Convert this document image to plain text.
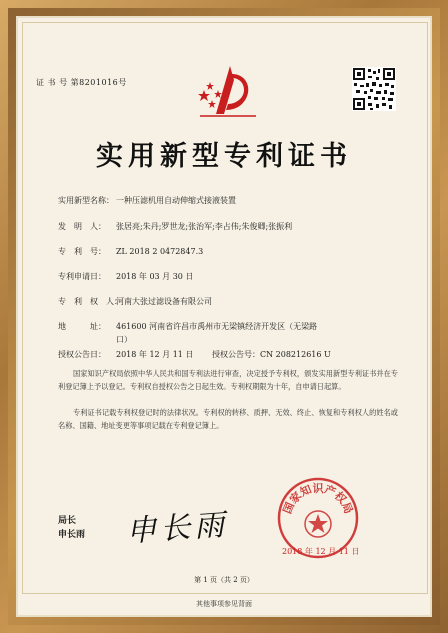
证 书 号 第8201016号
实用新型专利证书
实用新型名称： 一种压滤机用自动伸缩式接液装置
发　明　人： 张居亮;朱丹;罗世龙;张治军;李占伟;朱俊卿;张振利
专　利　号： ZL 2018 2 0472847.3
专利申请日： 2018 年 03 月 30 日
专　利　权　人：河南大张过滤设备有限公司
地　　　址： 461600 河南省许昌市禹州市无梁镇经济开发区（无梁路
口）
授权公告日： 2018 年 12 月 11 日 授权公告号：CN 208212616 U
国家知识产权局依照中华人民共和国专利法进行审查，决定授予专利权，颁发实用新型专利证书并在专利登记簿上予以登记。专利权自授权公告之日起生效。专利权期限为十年，自申请日起算。
专利证书记载专利权登记时的法律状况。专利权的转移、质押、无效、终止、恢复和专利权人的姓名或名称、国籍、地址变更等事项记载在专利登记簿上。
局长
申长雨 申长雨	国家知识产权局
2018 年 12 月 11 日
第 1 页（共 2 页）
其他事项参见背面
